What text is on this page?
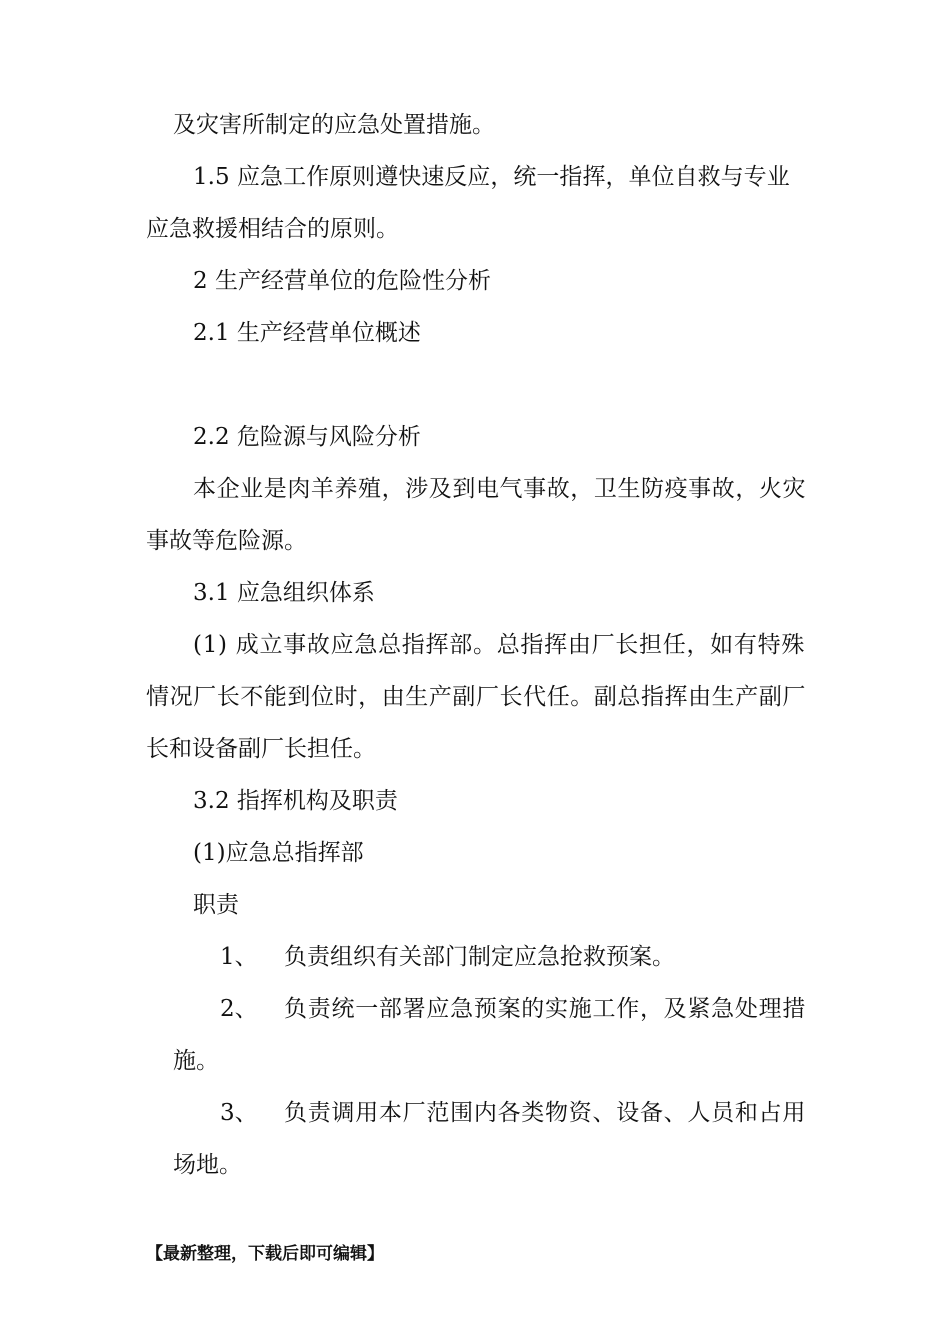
及灾害所制定的应急处置措施。
1.5 应急工作原则遵快速反应，统一指挥，单位自救与专业
应急救援相结合的原则。
2 生产经营单位的危险性分析
2.1 生产经营单位概述
2.2 危险源与风险分析
本企业是肉羊养殖，涉及到电气事故，卫生防疫事故，火灾
事故等危险源。
3.1 应急组织体系
(1) 成立事故应急总指挥部。总指挥由厂长担任，如有特殊
情况厂长不能到位时，由生产副厂长代任。副总指挥由生产副厂
长和设备副厂长担任。
3.2 指挥机构及职责
(1)应急总指挥部
职责
1、 负责组织有关部门制定应急抢救预案。
2、 负责统一部署应急预案的实施工作，及紧急处理措
施。
3、 负责调用本厂范围内各类物资、设备、人员和占用
场地。
【最新整理，下载后即可编辑】
